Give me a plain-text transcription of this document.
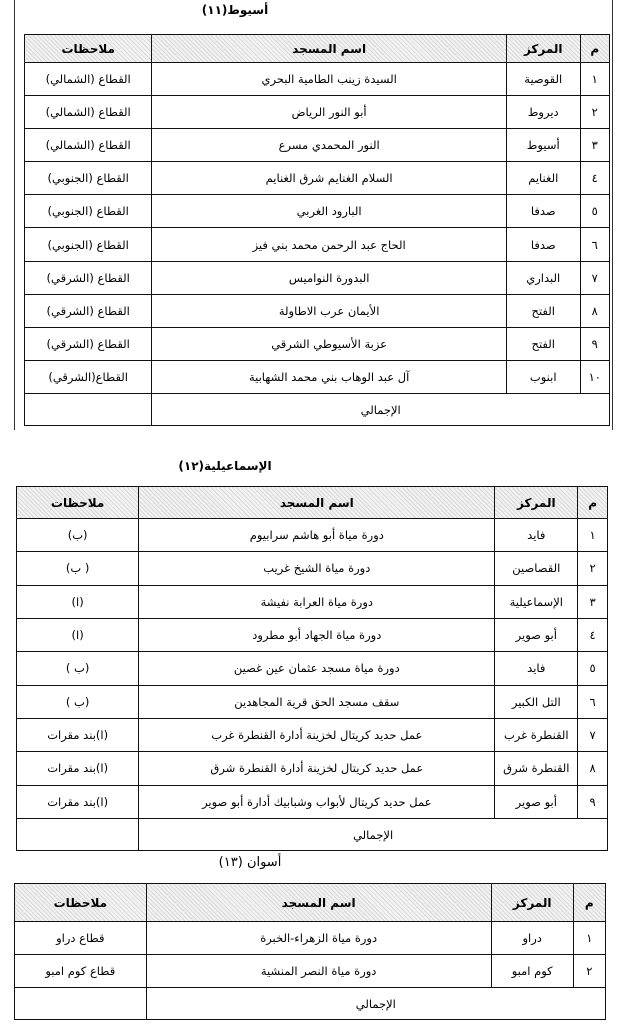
(١١)أسيوط
م	المركز	اسم المسجد	ملاحظات
١	القوصية	السيدة زينب الطامية البحري	القطاع (الشمالي)
٢	ديروط	أبو النور الرياض	القطاع (الشمالي)
٣	أسيوط	النور المحمدي مسرع	القطاع (الشمالي)
٤	الغنايم	السلام الغنايم شرق الغنايم	القطاع (الجنوبي)
٥	صدفا	البارود الغربي	القطاع (الجنوبي)
٦	صدفا	الحاج عبد الرحمن محمد بني فيز	القطاع (الجنوبي)
٧	البداري	البدورة النواميس	القطاع (الشرقي)
٨	الفتح	الأيمان عرب الاطاولة	القطاع (الشرقي)
٩	الفتح	عزبة الأسيوطي الشرقي	القطاع (الشرقي)
١٠	ابنوب	آل عبد الوهاب بني محمد الشهابية	القطاع(الشرقي)
الإجمالي			
(١٢)الإسماعيلية
م	المركز	اسم المسجد	ملاحظات
١	فايد	دورة مياة أبو هاشم سرابيوم	(ب)
٢	القصاصين	دورة مياة الشيخ غريب	( ب)
٣	الإسماعيلية	دورة مياة العرابة نفيشة	(ا)
٤	أبو صوير	دورة مياة الجهاد أبو مطرود	(ا)
٥	فايد	دورة مياة مسجد عثمان عين غصين	(ب )
٦	التل الكبير	سقف مسجد الحق قرية المجاهدين	(ب )
٧	القنطرة غرب	عمل حديد كريتال لخزينة أدارة القنطرة غرب	(ا)بند مقرات
٨	القنطرة شرق	عمل حديد كريتال لخزينة أدارة القنطرة شرق	(ا)بند مقرات
٩	أبو صوير	عمل حديد كريتال لأبواب وشبابيك أدارة أبو صوير	(ا)بند مقرات
الإجمالي			
(١٣) أسوان
م	المركز	اسم المسجد	ملاحظات
١	دراو	دورة مياة الزهراء-الخبرة	قطاع دراو
٢	كوم امبو	دورة مياة النصر المنشية	قطاع كوم امبو
الإجمالي			
